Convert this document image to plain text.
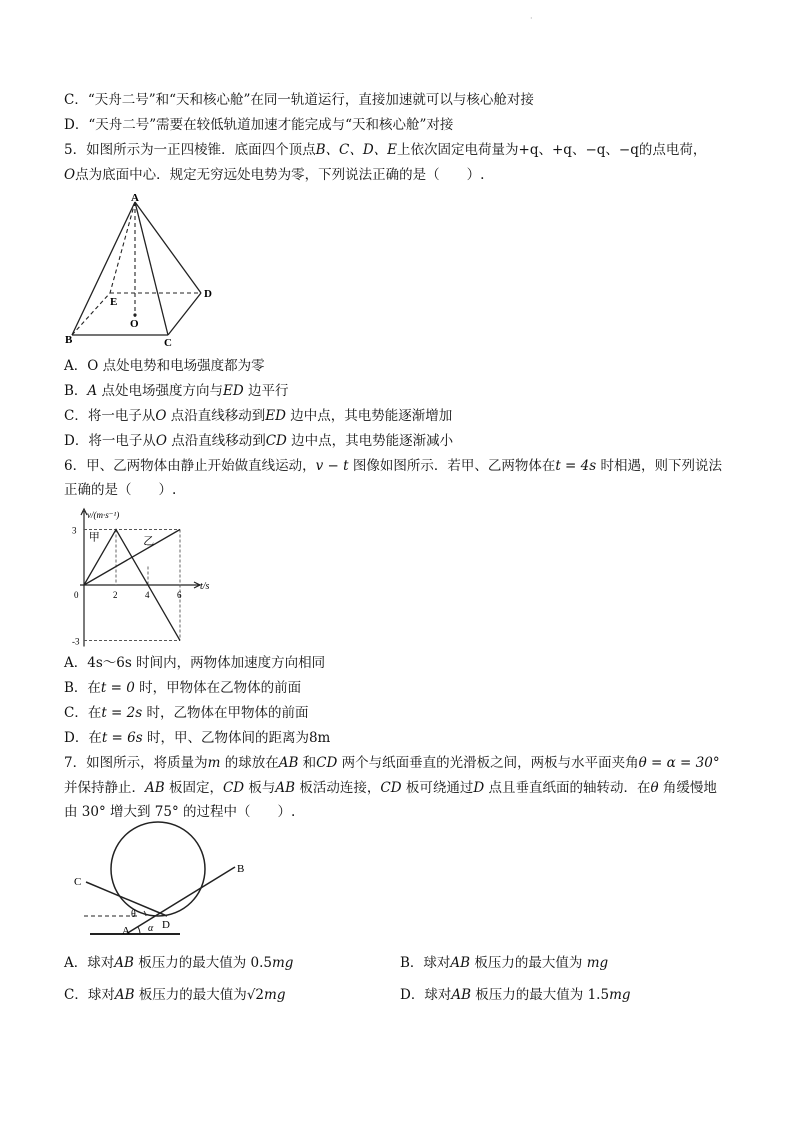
·
C．“天舟二号”和“天和核心舱”在同一轨道运行，直接加速就可以与核心舱对接
D．“天舟二号”需要在较低轨道加速才能完成与“天和核心舱”对接
5．如图所示为一正四棱锥．底面四个顶点B、C、D、E上依次固定电荷量为+q、+q、−q、−q的点电荷，
O点为底面中心．规定无穷远处电势为零，下列说法正确的是（　　）.
A
B	C
D
E
O
A．O 点处电势和电场强度都为零
B．A 点处电场强度方向与ED 边平行
C．将一电子从O 点沿直线移动到ED 边中点，其电势能逐渐增加
D．将一电子从O 点沿直线移动到CD 边中点，其电势能逐渐减小
6．甲、乙两物体由静止开始做直线运动，v − t 图像如图所示．若甲、乙两物体在t = 4s 时相遇，则下列说法
正确的是（　　）.
甲	乙
v/(m·s⁻¹)
t/s
0	2	4	6
3
-3
A．4s～6s 时间内，两物体加速度方向相同
B．在t = 0 时，甲物体在乙物体的前面
C．在t = 2s 时，乙物体在甲物体的前面
D．在t = 6s 时，甲、乙物体间的距离为8m
7．如图所示，将质量为m 的球放在AB 和CD 两个与纸面垂直的光滑板之间，两板与水平面夹角θ = α = 30°
并保持静止．AB 板固定，CD 板与AB 板活动连接，CD 板可绕通过D 点且垂直纸面的轴转动．在θ 角缓慢地
由 30° 增大到 75° 的过程中（　　）.
B
C
D
A
θ
α
A．球对AB 板压力的最大值为 0.5mg	B．球对AB 板压力的最大值为 mg
C．球对AB 板压力的最大值为√2mg	D．球对AB 板压力的最大值为 1.5mg
